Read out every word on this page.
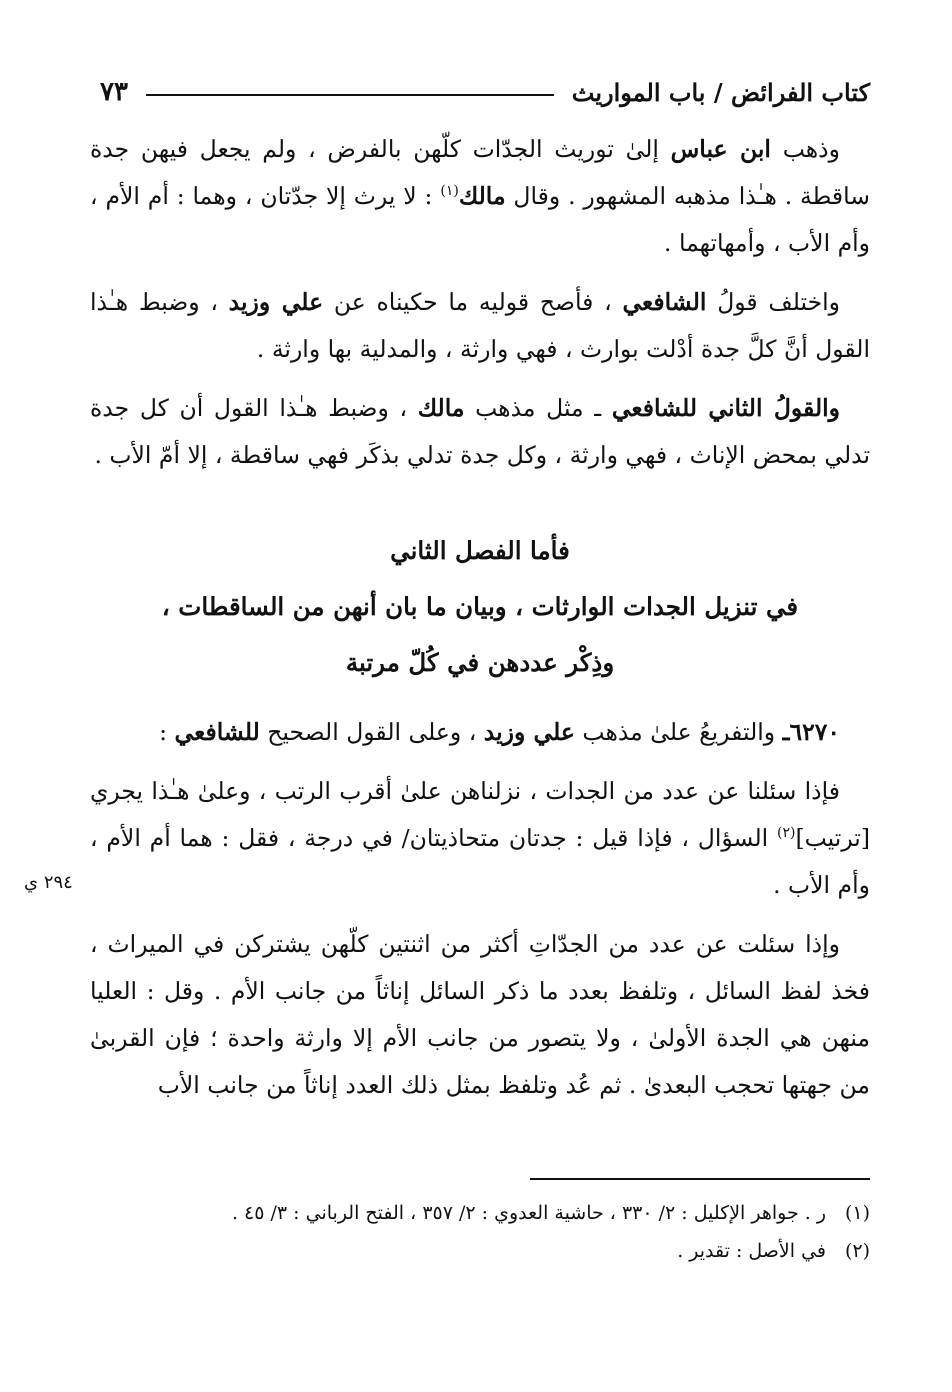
كتاب الفرائض / باب المواريث
٧٣

وذهب ابن عباس إلىٰ توريث الجدّات كلّهن بالفرض ، ولم يجعل فيهن جدة ساقطة . هـٰذا مذهبه المشهور . وقال مالك$^{(١)}$ : لا يرث إلا جدّتان ، وهما : أم الأم ، وأم الأب ، وأمهاتهما .

واختلف قولُ الشافعي ، فأصح قوليه ما حكيناه عن علي وزيد ، وضبط هـٰذا القول أنَّ كلَّ جدة أدْلت بوارث ، فهي وارثة ، والمدلية بها وارثة .

والقولُ الثاني للشافعي ـ مثل مذهب مالك ، وضبط هـٰذا القول أن كل جدة تدلي بمحض الإناث ، فهي وارثة ، وكل جدة تدلي بذكَر فهي ساقطة ، إلا أمّ الأب .

فأما الفصل الثاني
في تنزيل الجدات الوارثات ، وبيان ما بان أنهن من الساقطات ،
وذِكْر عددهن في كُلّ مرتبة

٦٢٧٠ـ والتفريعُ علىٰ مذهب علي وزيد ، وعلى القول الصحيح للشافعي :

فإذا سئلنا عن عدد من الجدات ، نزلناهن علىٰ أقرب الرتب ، وعلىٰ هـٰذا يجري [ترتيب]$^{(٢)}$ السؤال ، فإذا قيل : جدتان متحاذيتان/ في درجة ، فقل : هما أم الأم ، وأم الأب .

وإذا سئلت عن عدد من الجدّاتِ أكثر من اثنتين كلّهن يشتركن في الميراث ، فخذ لفظ السائل ، وتلفظ بعدد ما ذكر السائل إناثاً من جانب الأم . وقل : العليا منهن هي الجدة الأولىٰ ، ولا يتصور من جانب الأم إلا وارثة واحدة ؛ فإن القربىٰ من جهتها تحجب البعدىٰ . ثم عُد وتلفظ بمثل ذلك العدد إناثاً من جانب الأب

٢٩٤ ي

(١)ر . جواهر الإكليل : ٢/ ٣٣٠ ، حاشية العدوي : ٢/ ٣٥٧ ، الفتح الرباني : ٣/ ٤٥ .

(٢)في الأصل : تقدير .
